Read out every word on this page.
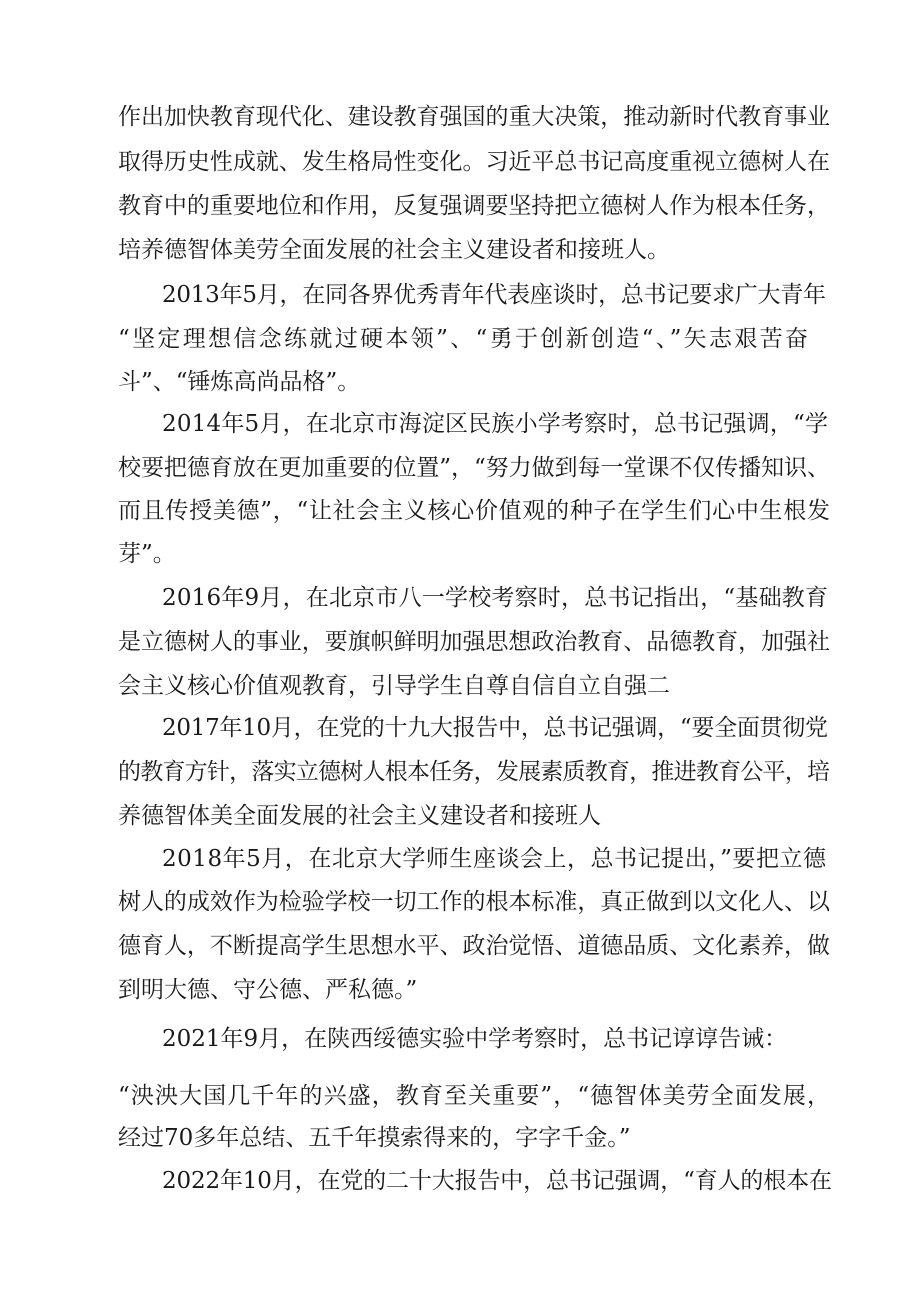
作出加快教育现代化、建设教育强国的重大决策，推动新时代教育事业

取得历史性成就、发生格局性变化。习近平总书记高度重视立德树人在

教育中的重要地位和作用，反复强调要坚持把立德树人作为根本任务，

培养德智体美劳全面发展的社会主义建设者和接班人。

2013年5月，在同各界优秀青年代表座谈时，总书记要求广大青年

“坚定理想信念练就过硬本领”、“勇于创新创造“、”矢志艰苦奋

斗”、“锤炼高尚品格”。

2014年5月，在北京市海淀区民族小学考察时，总书记强调，“学

校要把德育放在更加重要的位置”，“努力做到每一堂课不仅传播知识、

而且传授美德”，“让社会主义核心价值观的种子在学生们心中生根发

芽”。

2016年9月，在北京市八一学校考察时，总书记指出，“基础教育

是立德树人的事业，要旗帜鲜明加强思想政治教育、品德教育，加强社

会主义核心价值观教育，引导学生自尊自信自立自强二

2017年10月，在党的十九大报告中，总书记强调，“要全面贯彻党

的教育方针，落实立德树人根本任务，发展素质教育，推进教育公平，培

养德智体美全面发展的社会主义建设者和接班人

2018年5月，在北京大学师生座谈会上，总书记提出，”要把立德

树人的成效作为检验学校一切工作的根本标准，真正做到以文化人、以

德育人，不断提高学生思想水平、政治觉悟、道德品质、文化素养，做

到明大德、守公德、严私德。”

2021年9月，在陕西绥德实验中学考察时，总书记谆谆告诫：

“泱泱大国几千年的兴盛，教育至关重要”，“德智体美劳全面发展，

经过70多年总结、五千年摸索得来的，字字千金。”

2022年10月，在党的二十大报告中，总书记强调，“育人的根本在
